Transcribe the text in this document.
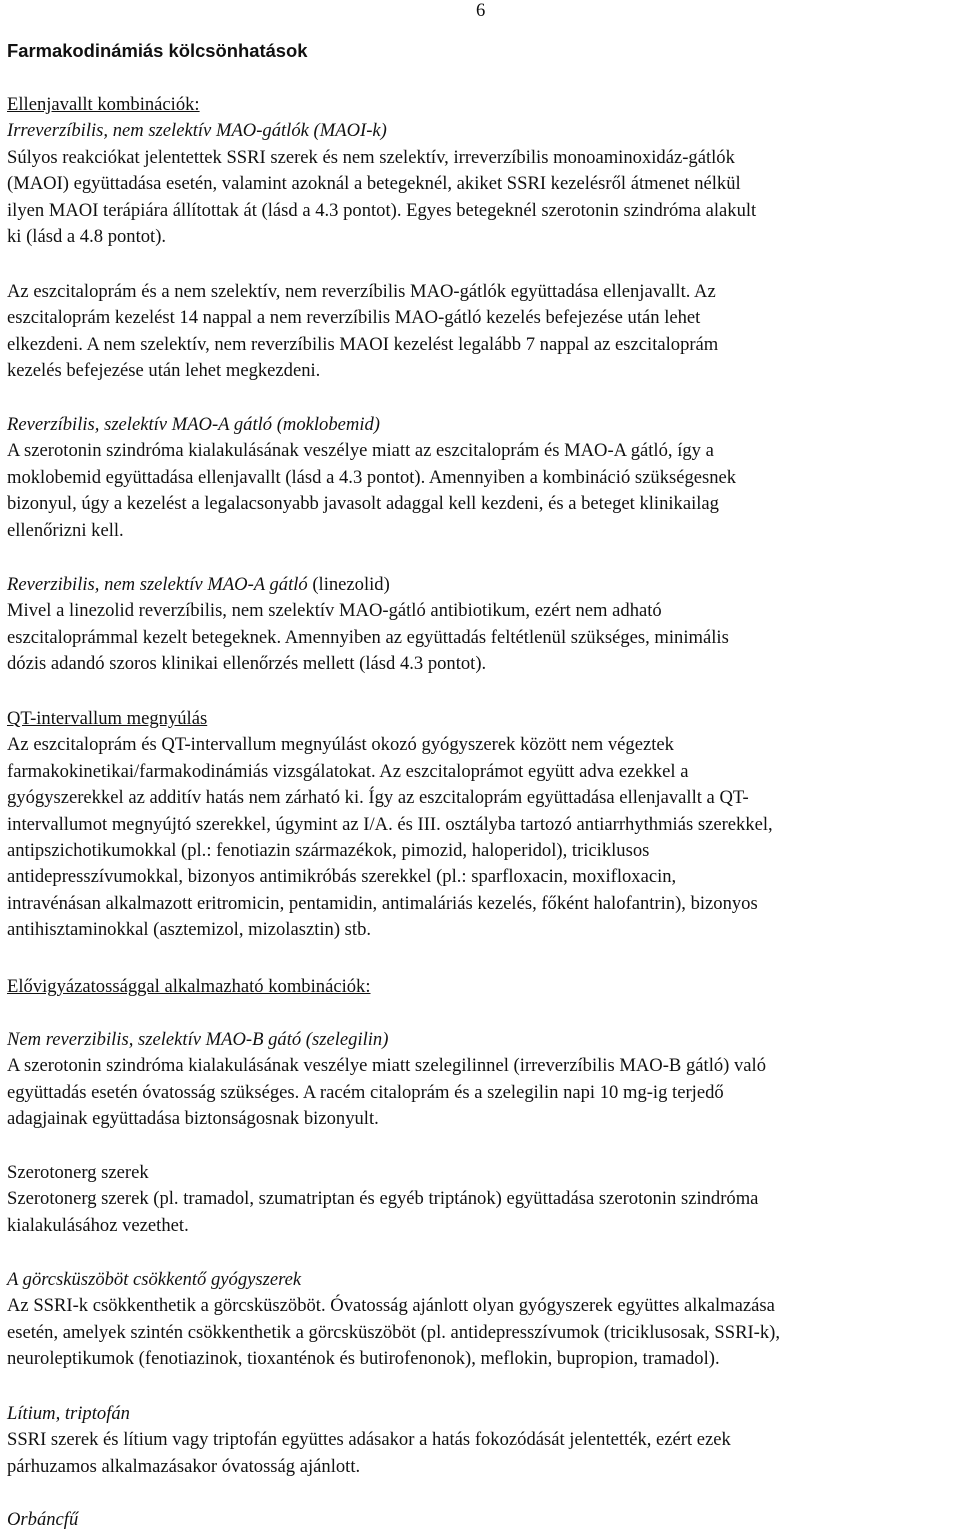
6
Farmakodinámiás kölcsönhatások
Ellenjavallt kombinációk:
Irreverzíbilis, nem szelektív MAO-gátlók (MAOI-k)
Súlyos reakciókat jelentettek SSRI szerek és nem szelektív, irreverzíbilis monoaminoxidáz-gátlók
(MAOI) együttadása esetén, valamint azoknál a betegeknél, akiket SSRI kezelésről átmenet nélkül
ilyen MAOI terápiára állítottak át (lásd a 4.3 pontot). Egyes betegeknél szerotonin szindróma alakult
ki (lásd a 4.8 pontot).
Az eszcitaloprám és a nem szelektív, nem reverzíbilis MAO-gátlók együttadása ellenjavallt. Az
eszcitaloprám kezelést 14 nappal a nem reverzíbilis MAO-gátló kezelés befejezése után lehet
elkezdeni. A nem szelektív, nem reverzíbilis MAOI kezelést legalább 7 nappal az eszcitaloprám
kezelés befejezése után lehet megkezdeni.
Reverzíbilis, szelektív MAO-A gátló (moklobemid)
A szerotonin szindróma kialakulásának veszélye miatt az eszcitaloprám és MAO-A gátló, így a
moklobemid együttadása ellenjavallt (lásd a 4.3 pontot). Amennyiben a kombináció szükségesnek
bizonyul, úgy a kezelést a legalacsonyabb javasolt adaggal kell kezdeni, és a beteget klinikailag
ellenőrizni kell.
Reverzibilis, nem szelektív MAO-A gátló (linezolid)
Mivel a linezolid reverzíbilis, nem szelektív MAO-gátló antibiotikum, ezért nem adható
eszcitaloprámmal kezelt betegeknek. Amennyiben az együttadás feltétlenül szükséges, minimális
dózis adandó szoros klinikai ellenőrzés mellett (lásd 4.3 pontot).
QT-intervallum megnyúlás
Az eszcitaloprám és QT-intervallum megnyúlást okozó gyógyszerek között nem végeztek
farmakokinetikai/farmakodinámiás vizsgálatokat. Az eszcitaloprámot együtt adva ezekkel a
gyógyszerekkel az additív hatás nem zárható ki. Így az eszcitaloprám együttadása ellenjavallt a QT-
intervallumot megnyújtó szerekkel, úgymint az I/A. és III. osztályba tartozó antiarrhythmiás szerekkel,
antipszichotikumokkal (pl.: fenotiazin származékok, pimozid, haloperidol), triciklusos
antidepresszívumokkal, bizonyos antimikróbás szerekkel (pl.: sparfloxacin, moxifloxacin,
intravénásan alkalmazott eritromicin, pentamidin, antimaláriás kezelés, főként halofantrin), bizonyos
antihisztaminokkal (asztemizol, mizolasztin) stb.
Elővigyázatossággal alkalmazható kombinációk:
Nem reverzibilis, szelektív MAO-B gátó (szelegilin)
A szerotonin szindróma kialakulásának veszélye miatt szelegilinnel (irreverzíbilis MAO-B gátló) való
együttadás esetén óvatosság szükséges. A racém citaloprám és a szelegilin napi 10 mg-ig terjedő
adagjainak együttadása biztonságosnak bizonyult.
Szerotonerg szerek
Szerotonerg szerek (pl. tramadol, szumatriptan és egyéb triptánok) együttadása szerotonin szindróma
kialakulásához vezethet.
A görcsküszöböt csökkentő gyógyszerek
Az SSRI-k csökkenthetik a görcsküszöböt. Óvatosság ajánlott olyan gyógyszerek együttes alkalmazása
esetén, amelyek szintén csökkenthetik a görcsküszöböt (pl. antidepresszívumok (triciklusosak, SSRI-k),
neuroleptikumok (fenotiazinok, tioxanténok és butirofenonok), meflokin, bupropion, tramadol).
Lítium, triptofán
SSRI szerek és lítium vagy triptofán együttes adásakor a hatás fokozódását jelentették, ezért ezek
párhuzamos alkalmazásakor óvatosság ajánlott.
Orbáncfű
